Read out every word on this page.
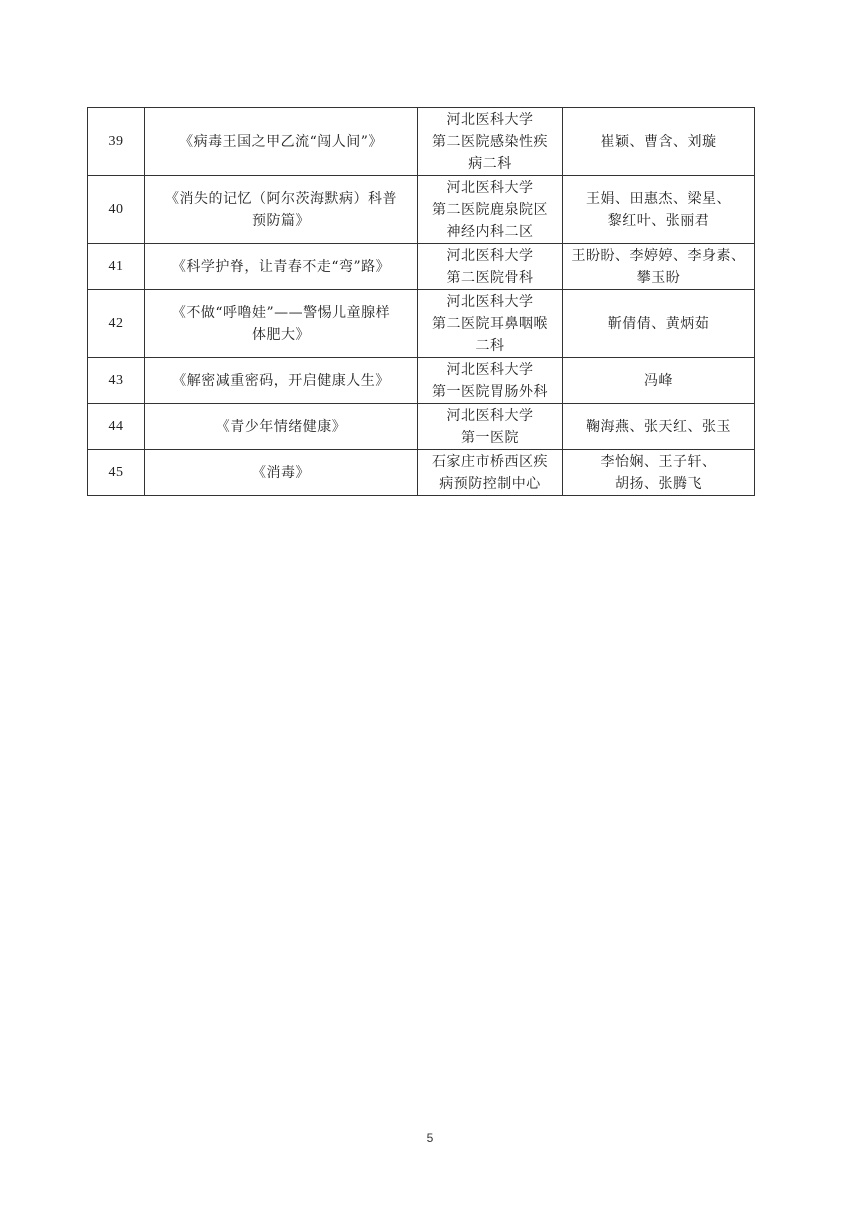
39	《病毒王国之甲乙流“闯人间”》	河北医科大学
第二医院感染性疾
病二科	崔颖、曹含、刘璇

40	《消失的记忆（阿尔茨海默病）科普
预防篇》	河北医科大学
第二医院鹿泉院区
神经内科二区	王娟、田惠杰、梁星、
黎红叶、张丽君

41	《科学护脊，让青春不走“弯”路》	河北医科大学
第二医院骨科	王盼盼、李婷婷、李身素、
攀玉盼

42	《不做“呼噜娃”——警惕儿童腺样
体肥大》	河北医科大学
第二医院耳鼻咽喉
二科	靳倩倩、黄炳茹

43	《解密减重密码，开启健康人生》	河北医科大学
第一医院胃肠外科	冯峰

44	《青少年情绪健康》	河北医科大学
第一医院	鞠海燕、张天红、张玉

45	《消毒》	石家庄市桥西区疾
病预防控制中心	李怡娴、王子轩、
胡扬、张腾飞
5
